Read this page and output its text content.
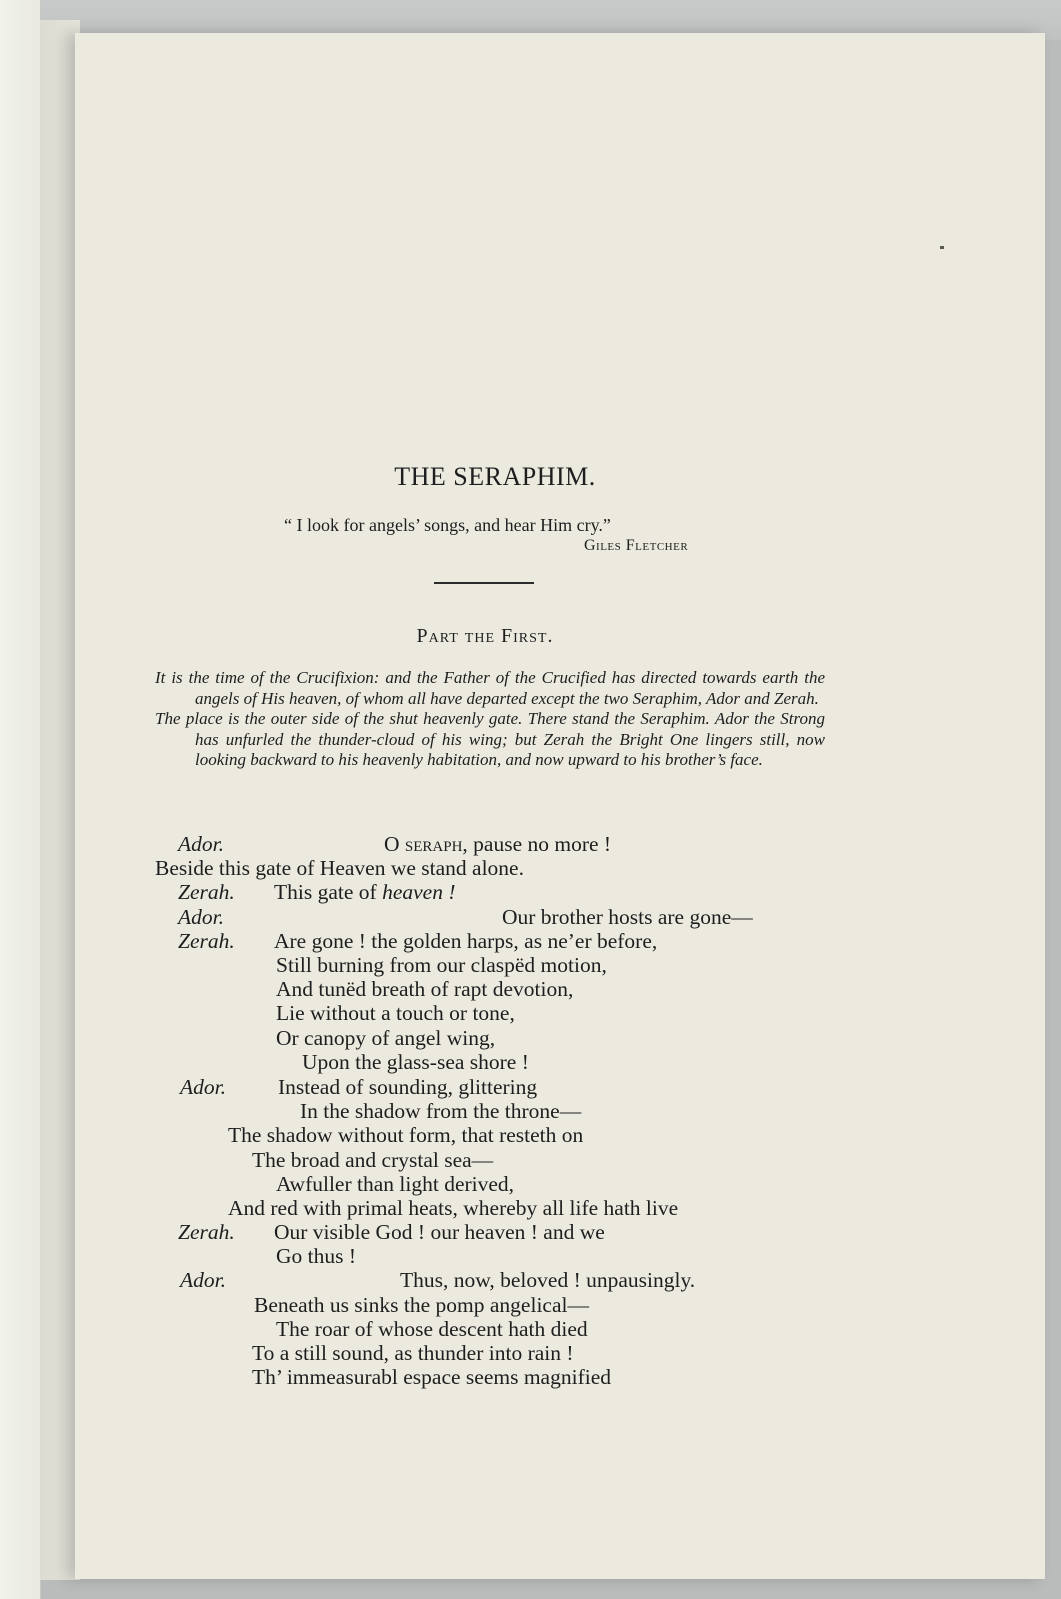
THE SERAPHIM.
“ I look for angels’ songs, and hear Him cry.”
Giles Fletcher
Part the First.

It is the time of the Crucifixion: and the Father of the Crucified has directed towards earth the angels of His heaven, of whom all have departed except the two Seraphim, Ador and Zerah.

The place is the outer side of the shut heavenly gate. There stand the Seraphim. Ador the Strong has unfurled the thunder-cloud of his wing; but Zerah the Bright One lingers still, now looking backward to his heavenly habitation, and now upward to his brother’s face.

Ador.
Zerah.
Ador.
Zerah.
Ador.
Zerah.
Ador.
O seraph, pause no more !
Beside this gate of Heaven we stand alone.
This gate of heaven !
Our brother hosts are gone—
Are gone ! the golden harps, as ne’er before,
Still burning from our claspëd motion,
And tunëd breath of rapt devotion,
Lie without a touch or tone,
Or canopy of angel wing,
Upon the glass-sea shore !
Instead of sounding, glittering
In the shadow from the throne—
The shadow without form, that resteth on
The broad and crystal sea—
Awfuller than light derived,
And red with primal heats, whereby all life hath live
Our visible God ! our heaven ! and we
Go thus !
Thus, now, beloved ! unpausingly.
Beneath us sinks the pomp angelical—
The roar of whose descent hath died
To a still sound, as thunder into rain !
Th’ immeasurabl espace seems magnified
